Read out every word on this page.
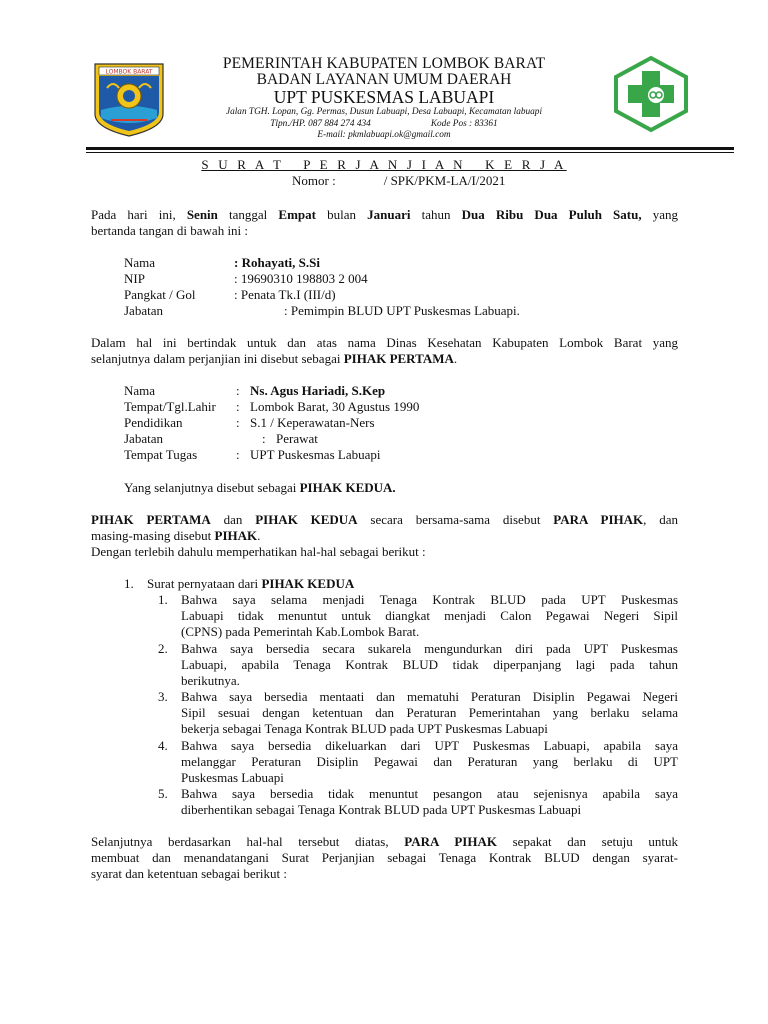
LOMBOK BARAT	PEMERINTAH KABUPATEN LOMBOK BARAT
BADAN LAYANAN UMUM DAERAH
UPT PUSKESMAS LABUAPI
Jalan TGH. Lopan, Gg. Permas, Dusun Labuapi, Desa Labuapi, Kecamatan labuapi
Tlpn./HP. 087 884 274 434	Kode Pos : 83361
E-mail: pkmlabuapi.ok@gmail.com
S U R A T   P E R J A N J I A N   K E R J A
Nomor :	/ SPK/PKM-LA/I/2021
Pada hari ini, Senin tanggal Empat bulan Januari tahun Dua Ribu Dua Puluh Satu, yang
bertanda tangan di bawah ini :
Nama	: Rohayati, S.Si
NIP	: 19690310 198803 2 004
Pangkat / Gol	: Penata Tk.I (III/d)
Jabatan	: Pemimpin BLUD UPT Puskesmas Labuapi.
Dalam hal ini bertindak untuk dan atas nama Dinas Kesehatan Kabupaten Lombok Barat yang
selanjutnya dalam perjanjian ini disebut sebagai PIHAK PERTAMA.
Nama	: Ns. Agus Hariadi, S.Kep
Tempat/Tgl.Lahir : Lombok Barat, 30 Agustus 1990
Pendidikan	: S.1 / Keperawatan-Ners
Jabatan	: Perawat
Tempat Tugas	: UPT Puskesmas Labuapi
Yang selanjutnya disebut sebagai PIHAK KEDUA.
PIHAK PERTAMA dan PIHAK KEDUA secara bersama-sama disebut PARA PIHAK, dan
masing-masing disebut PIHAK.
Dengan terlebih dahulu memperhatikan hal-hal sebagai berikut :
1. Surat pernyataan dari PIHAK KEDUA
1. Bahwa saya selama menjadi Tenaga Kontrak BLUD pada UPT Puskesmas
Labuapi tidak menuntut untuk diangkat menjadi Calon Pegawai Negeri Sipil
(CPNS) pada Pemerintah Kab.Lombok Barat.
2. Bahwa saya bersedia secara sukarela mengundurkan diri pada UPT Puskesmas
Labuapi, apabila Tenaga Kontrak BLUD tidak diperpanjang lagi pada tahun
berikutnya.
3. Bahwa saya bersedia mentaati dan mematuhi Peraturan Disiplin Pegawai Negeri
Sipil sesuai dengan ketentuan dan Peraturan Pemerintahan yang berlaku selama
bekerja sebagai Tenaga Kontrak BLUD pada UPT Puskesmas Labuapi
4. Bahwa saya bersedia dikeluarkan dari UPT Puskesmas Labuapi, apabila saya
melanggar Peraturan Disiplin Pegawai dan Peraturan yang berlaku di UPT
Puskesmas Labuapi
5. Bahwa saya bersedia tidak menuntut pesangon atau sejenisnya apabila saya
diberhentikan sebagai Tenaga Kontrak BLUD pada UPT Puskesmas Labuapi
Selanjutnya berdasarkan hal-hal tersebut diatas, PARA PIHAK sepakat dan setuju untuk
membuat dan menandatangani Surat Perjanjian sebagai Tenaga Kontrak BLUD dengan syarat-
syarat dan ketentuan sebagai berikut :
